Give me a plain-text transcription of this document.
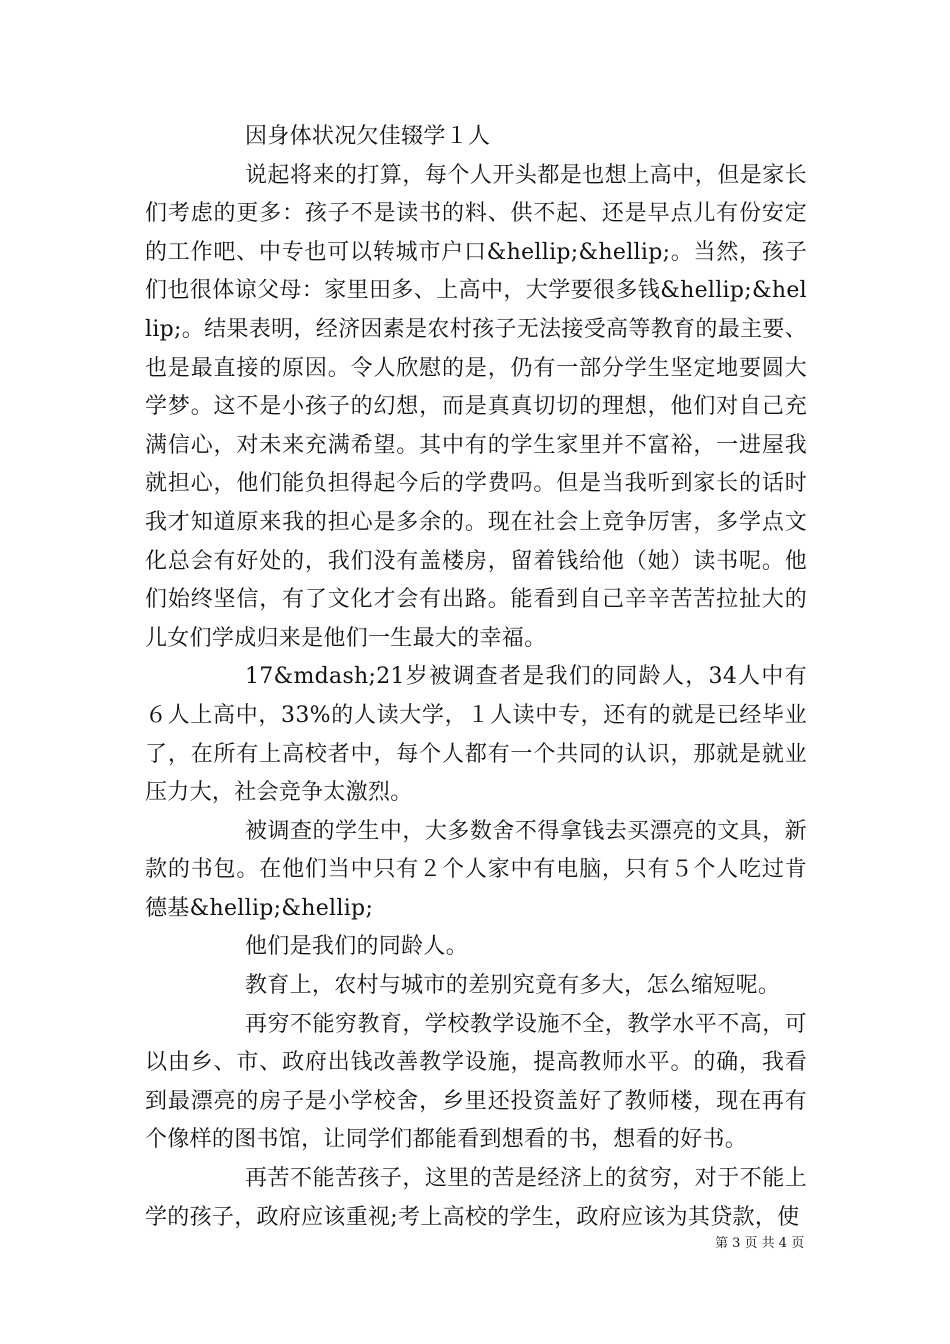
因身体状况欠佳辍学１人

说起将来的打算，每个人开头都是也想上高中，但是家长们考虑的更多：孩子不是读书的料、供不起、还是早点儿有份安定的工作吧、中专也可以转城市户口&hellip;&hellip;。当然，孩子们也很体谅父母：家里田多、上高中，大学要很多钱&hellip;&hellip;。结果表明，经济因素是农村孩子无法接受高等教育的最主要、也是最直接的原因。令人欣慰的是，仍有一部分学生坚定地要圆大学梦。这不是小孩子的幻想，而是真真切切的理想，他们对自己充满信心，对未来充满希望。其中有的学生家里并不富裕，一进屋我就担心，他们能负担得起今后的学费吗。但是当我听到家长的话时我才知道原来我的担心是多余的。现在社会上竞争厉害，多学点文化总会有好处的，我们没有盖楼房，留着钱给他（她）读书呢。他们始终坚信，有了文化才会有出路。能看到自己辛辛苦苦拉扯大的儿女们学成归来是他们一生最大的幸福。

17&mdash;21岁被调查者是我们的同龄人，34人中有６人上高中，33%的人读大学，１人读中专，还有的就是已经毕业了，在所有上高校者中，每个人都有一个共同的认识，那就是就业压力大，社会竞争太激烈。

被调查的学生中，大多数舍不得拿钱去买漂亮的文具，新款的书包。在他们当中只有２个人家中有电脑，只有５个人吃过肯德基&hellip;&hellip;

他们是我们的同龄人。

教育上，农村与城市的差别究竟有多大，怎么缩短呢。

再穷不能穷教育，学校教学设施不全，教学水平不高，可以由乡、市、政府出钱改善教学设施，提高教师水平。的确，我看到最漂亮的房子是小学校舍，乡里还投资盖好了教师楼，现在再有个像样的图书馆，让同学们都能看到想看的书，想看的好书。

再苦不能苦孩子，这里的苦是经济上的贫穷，对于不能上学的孩子，政府应该重视;考上高校的学生，政府应该为其贷款，使

第 3 页 共 4 页
